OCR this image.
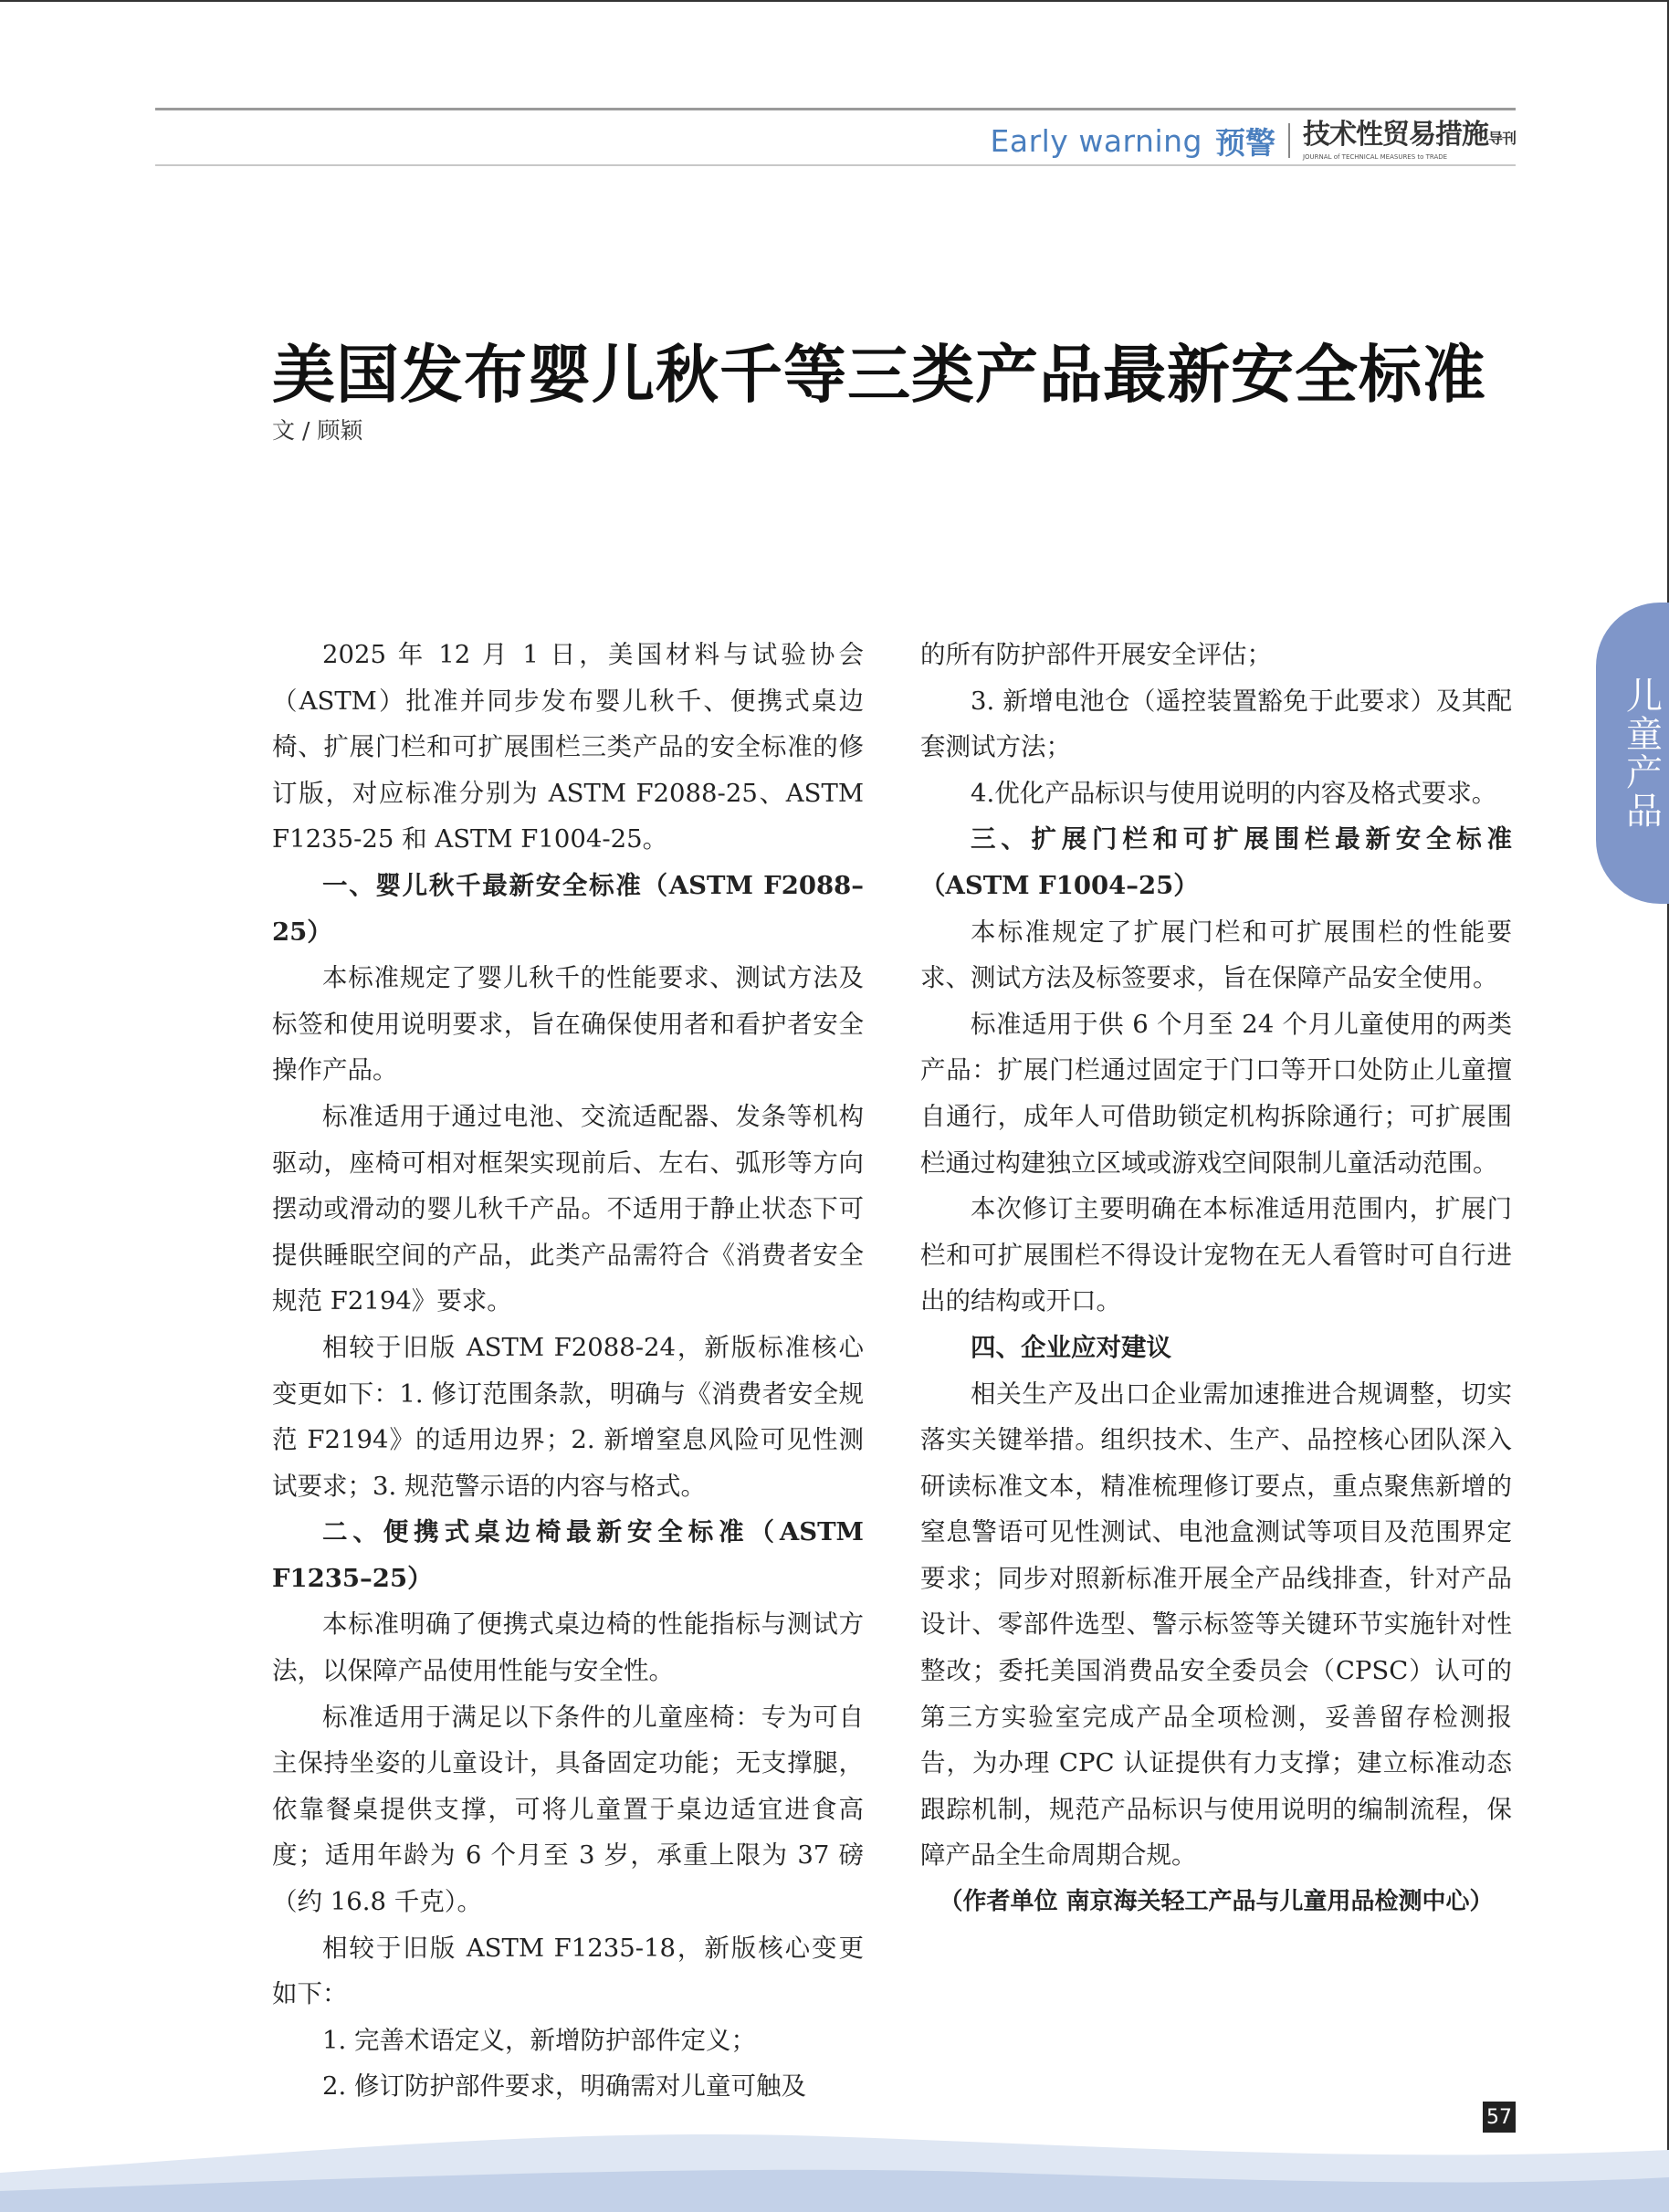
Early warning 预警 技术性贸易措施导刊
JOURNAL of TECHNICAL MEASURES to TRADE
美国发布婴儿秋千等三类产品最新安全标准
文 / 顾颖
儿童产品

2025 年 12 月 1 日，美国材料与试验协会（ASTM）批准并同步发布婴儿秋千、便携式桌边椅、扩展门栏和可扩展围栏三类产品的安全标准的修订版，对应标准分别为 ASTM F2088-25、ASTM F1235-25 和 ASTM F1004-25。

一、婴儿秋千最新安全标准（ASTM F2088–25）

本标准规定了婴儿秋千的性能要求、测试方法及标签和使用说明要求，旨在确保使用者和看护者安全操作产品。

标准适用于通过电池、交流适配器、发条等机构驱动，座椅可相对框架实现前后、左右、弧形等方向摆动或滑动的婴儿秋千产品。不适用于静止状态下可提供睡眠空间的产品，此类产品需符合《消费者安全规范 F2194》要求。

相较于旧版 ASTM F2088-24，新版标准核心变更如下：1. 修订范围条款，明确与《消费者安全规范 F2194》的适用边界；2. 新增窒息风险可见性测试要求；3. 规范警示语的内容与格式。

二、便携式桌边椅最新安全标准（ASTM F1235–25）

本标准明确了便携式桌边椅的性能指标与测试方法，以保障产品使用性能与安全性。

标准适用于满足以下条件的儿童座椅：专为可自主保持坐姿的儿童设计，具备固定功能；无支撑腿，依靠餐桌提供支撑，可将儿童置于桌边适宜进食高度；适用年龄为 6 个月至 3 岁，承重上限为 37 磅（约 16.8 千克）。

相较于旧版 ASTM F1235-18，新版核心变更如下：

1. 完善术语定义，新增防护部件定义；

2. 修订防护部件要求，明确需对儿童可触及

的所有防护部件开展安全评估；

3. 新增电池仓（遥控装置豁免于此要求）及其配套测试方法；

4.优化产品标识与使用说明的内容及格式要求。

三、扩展门栏和可扩展围栏最新安全标准（ASTM F1004–25）

本标准规定了扩展门栏和可扩展围栏的性能要求、测试方法及标签要求，旨在保障产品安全使用。

标准适用于供 6 个月至 24 个月儿童使用的两类产品：扩展门栏通过固定于门口等开口处防止儿童擅自通行，成年人可借助锁定机构拆除通行；可扩展围栏通过构建独立区域或游戏空间限制儿童活动范围。

本次修订主要明确在本标准适用范围内，扩展门栏和可扩展围栏不得设计宠物在无人看管时可自行进出的结构或开口。

四、企业应对建议

相关生产及出口企业需加速推进合规调整，切实落实关键举措。组织技术、生产、品控核心团队深入研读标准文本，精准梳理修订要点，重点聚焦新增的窒息警语可见性测试、电池盒测试等项目及范围界定要求；同步对照新标准开展全产品线排查，针对产品设计、零部件选型、警示标签等关键环节实施针对性整改；委托美国消费品安全委员会（CPSC）认可的第三方实验室完成产品全项检测，妥善留存检测报告，为办理 CPC 认证提供有力支撑；建立标准动态跟踪机制，规范产品标识与使用说明的编制流程，保障产品全生命周期合规。

（作者单位 南京海关轻工产品与儿童用品检测中心）

57
